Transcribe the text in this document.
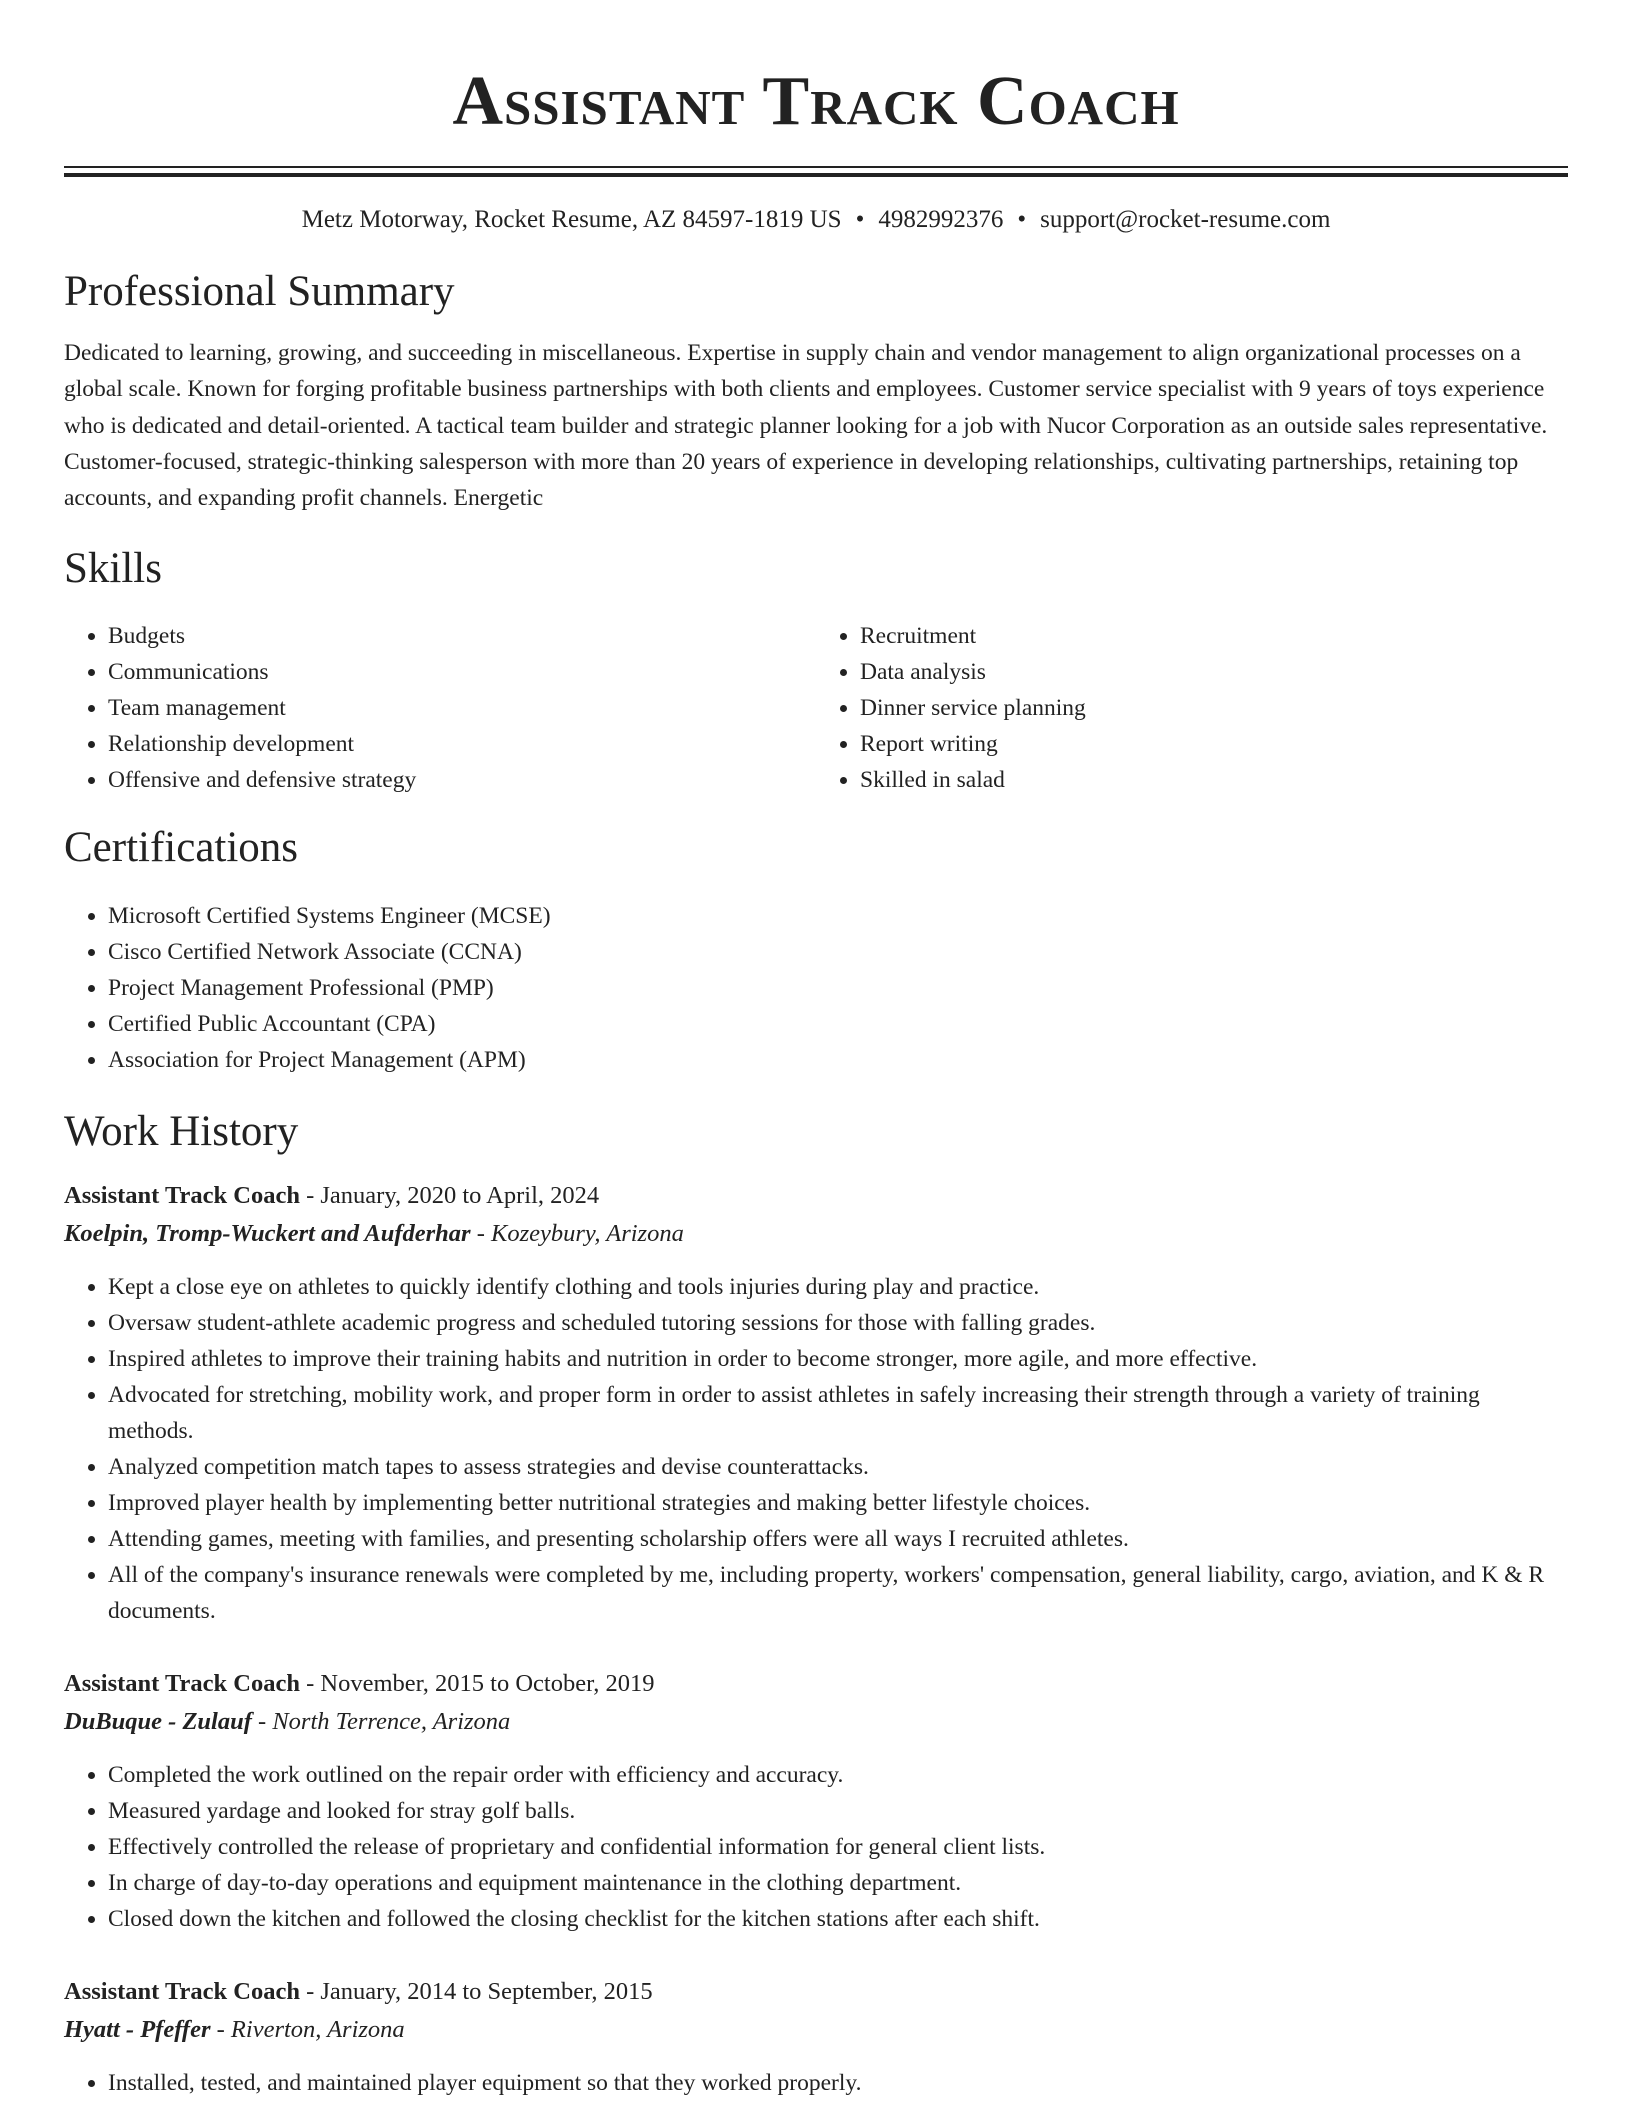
Assistant Track Coach
Metz Motorway, Rocket Resume, AZ 84597-1819 US • 4982992376 • support@rocket-resume.com
Professional Summary
Dedicated to learning, growing, and succeeding in miscellaneous. Expertise in supply chain and vendor management to align organizational processes on a global scale. Known for forging profitable business partnerships with both clients and employees. Customer service specialist with 9 years of toys experience who is dedicated and detail-oriented. A tactical team builder and strategic planner looking for a job with Nucor Corporation as an outside sales representative. Customer-focused, strategic-thinking salesperson with more than 20 years of experience in developing relationships, cultivating partnerships, retaining top accounts, and expanding profit channels. Energetic
Skills
• Budgets
• Communications
• Team management
• Relationship development
• Offensive and defensive strategy
• Recruitment
• Data analysis
• Dinner service planning
• Report writing
• Skilled in salad
Certifications
• Microsoft Certified Systems Engineer (MCSE)
• Cisco Certified Network Associate (CCNA)
• Project Management Professional (PMP)
• Certified Public Accountant (CPA)
• Association for Project Management (APM)
Work History
Assistant Track Coach - January, 2020 to April, 2024
Koelpin, Tromp-Wuckert and Aufderhar - Kozeybury, Arizona
• Kept a close eye on athletes to quickly identify clothing and tools injuries during play and practice.
• Oversaw student-athlete academic progress and scheduled tutoring sessions for those with falling grades.
• Inspired athletes to improve their training habits and nutrition in order to become stronger, more agile, and more effective.
• Advocated for stretching, mobility work, and proper form in order to assist athletes in safely increasing their strength through a variety of training methods.
• Analyzed competition match tapes to assess strategies and devise counterattacks.
• Improved player health by implementing better nutritional strategies and making better lifestyle choices.
• Attending games, meeting with families, and presenting scholarship offers were all ways I recruited athletes.
• All of the company's insurance renewals were completed by me, including property, workers' compensation, general liability, cargo, aviation, and K & R documents.
Assistant Track Coach - November, 2015 to October, 2019
DuBuque - Zulauf - North Terrence, Arizona
• Completed the work outlined on the repair order with efficiency and accuracy.
• Measured yardage and looked for stray golf balls.
• Effectively controlled the release of proprietary and confidential information for general client lists.
• In charge of day-to-day operations and equipment maintenance in the clothing department.
• Closed down the kitchen and followed the closing checklist for the kitchen stations after each shift.
Assistant Track Coach - January, 2014 to September, 2015
Hyatt - Pfeffer - Riverton, Arizona
• Installed, tested, and maintained player equipment so that they worked properly.
